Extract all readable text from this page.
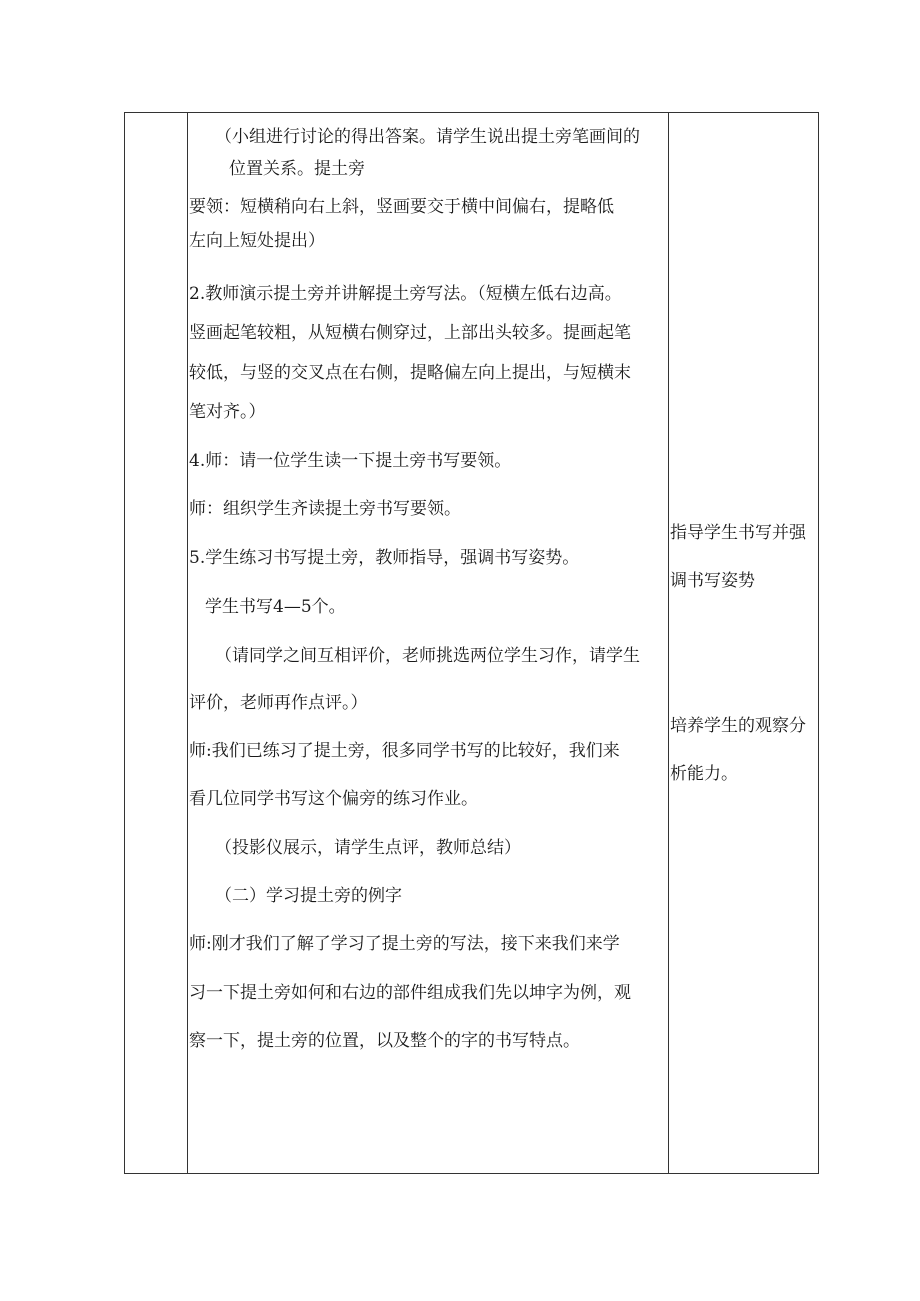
（小组进行讨论的得出答案。请学生说出提土旁笔画间的
位置关系。提土旁
要领：短横稍向右上斜，竖画要交于横中间偏右，提略低
左向上短处提出）
2.教师演示提土旁并讲解提土旁写法。（短横左低右边高。
竖画起笔较粗，从短横右侧穿过，上部出头较多。提画起笔
较低，与竖的交叉点在右侧，提略偏左向上提出，与短横末
笔对齐。）
4.师：请一位学生读一下提土旁书写要领。
师：组织学生齐读提土旁书写要领。
5.学生练习书写提土旁，教师指导，强调书写姿势。
学生书写4—5个。
（请同学之间互相评价，老师挑选两位学生习作，请学生
评价，老师再作点评。）
师:我们已练习了提土旁，很多同学书写的比较好，我们来
看几位同学书写这个偏旁的练习作业。
（投影仪展示，请学生点评，教师总结）
（二）学习提土旁的例字
师:刚才我们了解了学习了提土旁的写法，接下来我们来学
习一下提土旁如何和右边的部件组成我们先以坤字为例，观
察一下，提土旁的位置，以及整个的字的书写特点。
指导学生书写并强
调书写姿势
培养学生的观察分
析能力。
